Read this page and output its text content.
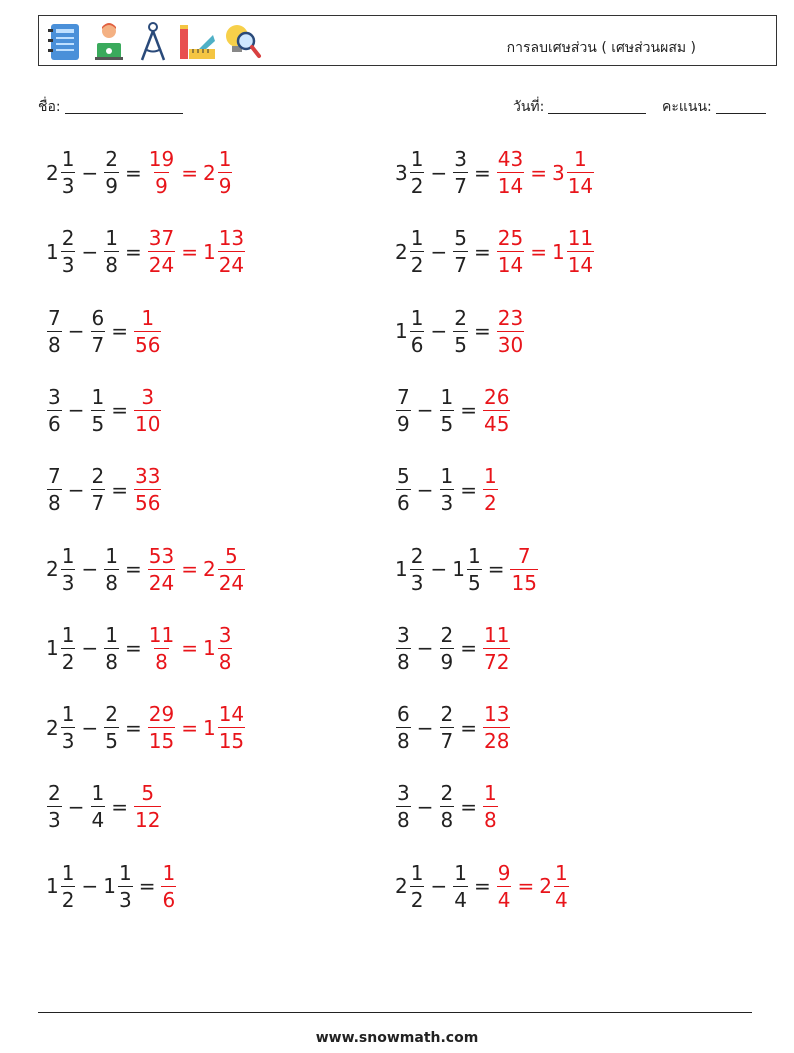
การลบเศษส่วน ( เศษส่วนผสม )
ชื่อ:	วันที่:	คะแนน:
$2 \frac{1}{3} - \frac{2}{9} = \frac{19}{9} = 2 \frac{1}{9}$	$3 \frac{1}{2} - \frac{3}{7} = \frac{43}{14} = 3 \frac{1}{14}$
$1 \frac{2}{3} - \frac{1}{8} = \frac{37}{24} = 1 \frac{13}{24}$	$2 \frac{1}{2} - \frac{5}{7} = \frac{25}{14} = 1 \frac{11}{14}$
$\frac{7}{8} - \frac{6}{7} = \frac{1}{56}$	$1 \frac{1}{6} - \frac{2}{5} = \frac{23}{30}$
$\frac{3}{6} - \frac{1}{5} = \frac{3}{10}$	$\frac{7}{9} - \frac{1}{5} = \frac{26}{45}$
$\frac{7}{8} - \frac{2}{7} = \frac{33}{56}$	$\frac{5}{6} - \frac{1}{3} = \frac{1}{2}$
$2 \frac{1}{3} - \frac{1}{8} = \frac{53}{24} = 2 \frac{5}{24}$	$1 \frac{2}{3} - 1 \frac{1}{5} = \frac{7}{15}$
$1 \frac{1}{2} - \frac{1}{8} = \frac{11}{8} = 1 \frac{3}{8}$	$\frac{3}{8} - \frac{2}{9} = \frac{11}{72}$
$2 \frac{1}{3} - \frac{2}{5} = \frac{29}{15} = 1 \frac{14}{15}$	$\frac{6}{8} - \frac{2}{7} = \frac{13}{28}$
$\frac{2}{3} - \frac{1}{4} = \frac{5}{12}$	$\frac{3}{8} - \frac{2}{8} = \frac{1}{8}$
$1 \frac{1}{2} - 1 \frac{1}{3} = \frac{1}{6}$	$2 \frac{1}{2} - \frac{1}{4} = \frac{9}{4} = 2 \frac{1}{4}$
www.snowmath.com
